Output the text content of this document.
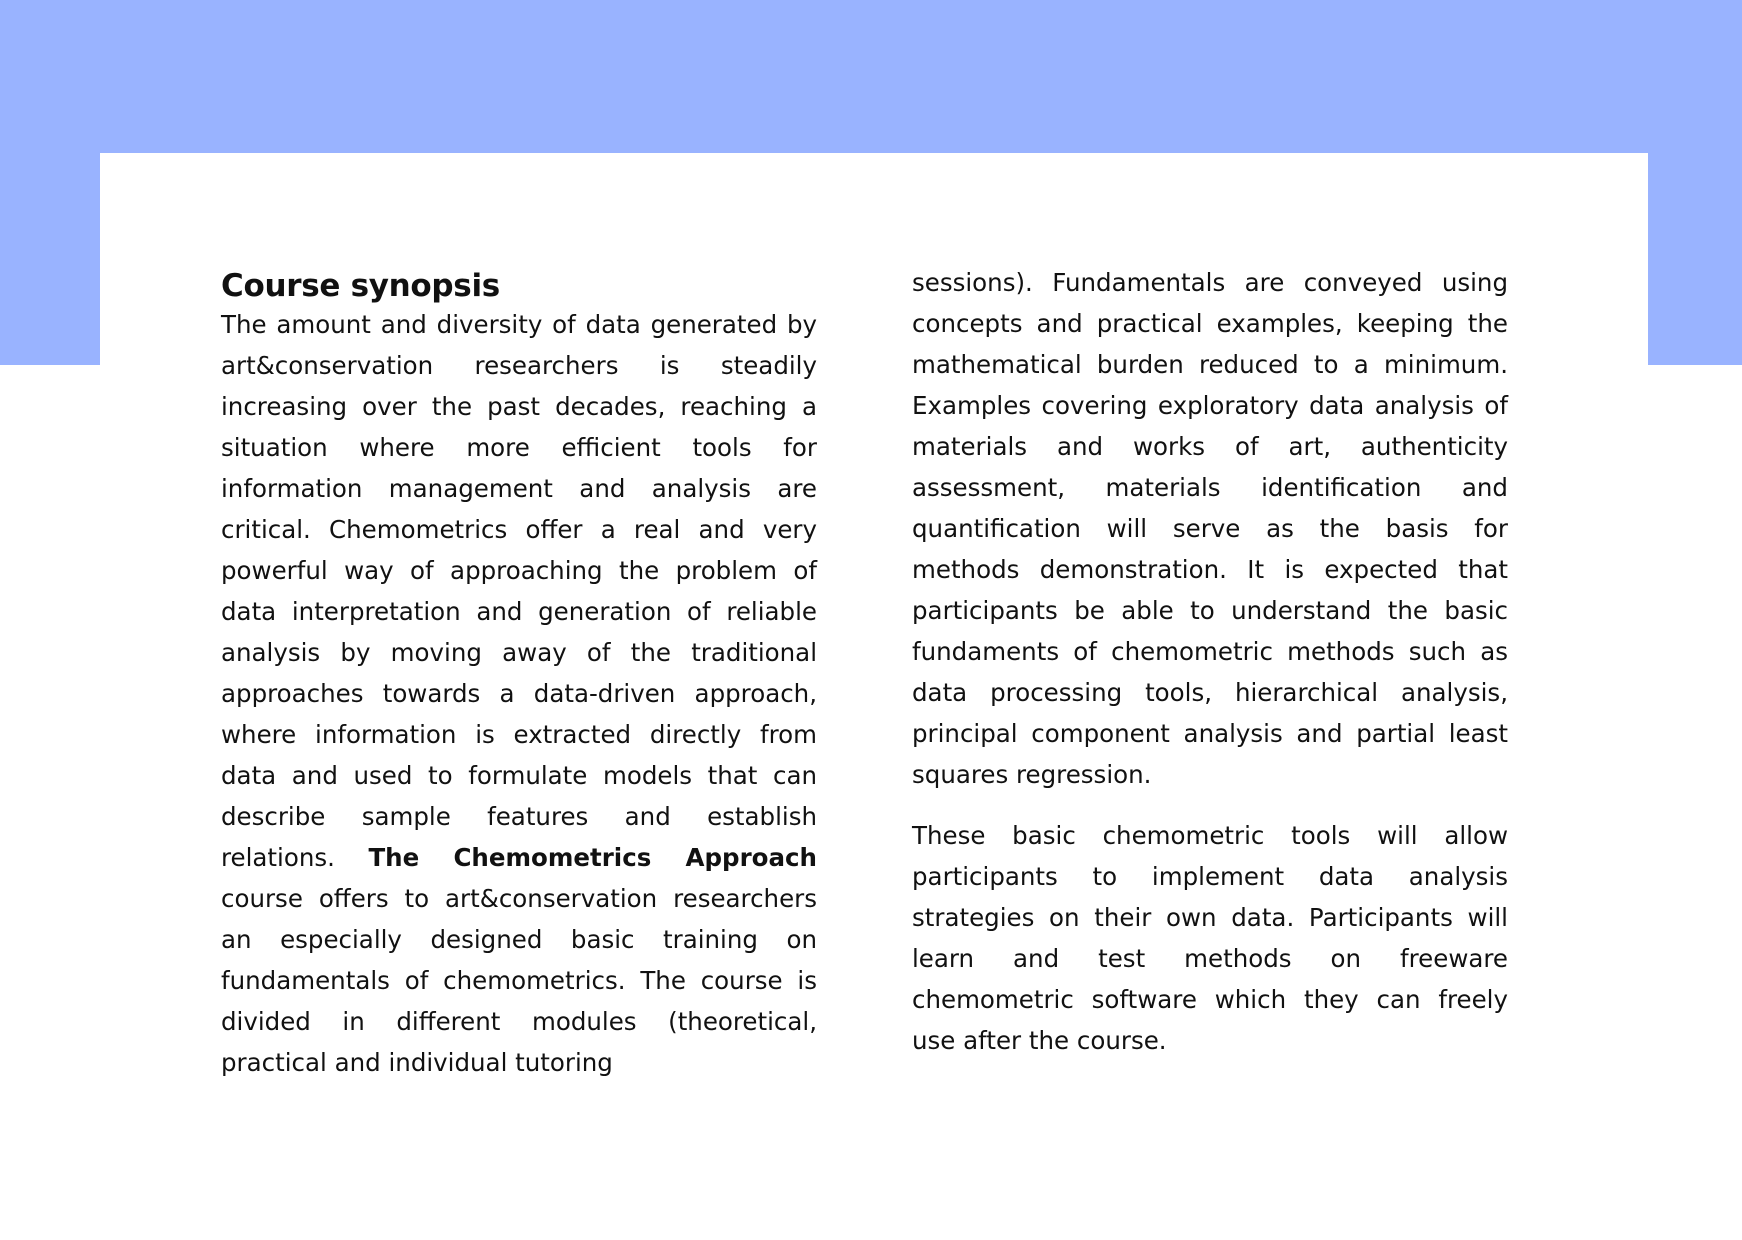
Course synopsis

The amount and diversity of data generated by art&conservation researchers is steadily increasing over the past decades, reaching a situation where more efficient tools for information management and analysis are critical. Chemometrics offer a real and very powerful way of approaching the problem of data interpretation and generation of reliable analysis by moving away of the traditional approaches towards a data-driven approach, where information is extracted directly from data and used to formulate models that can describe sample features and establish relations. The Chemometrics Approach course offers to art&conservation researchers an especially designed basic training on fundamentals of chemometrics. The course is divided in different modules (theoretical, practical and individual tutoring

sessions). Fundamentals are conveyed using concepts and practical examples, keeping the mathematical burden reduced to a minimum. Examples covering exploratory data analysis of materials and works of art, authenticity assessment, materials identification and quantification will serve as the basis for methods demonstration. It is expected that participants be able to understand the basic fundaments of chemometric methods such as data processing tools, hierarchical analysis, principal component analysis and partial least squares regression.

These basic chemometric tools will allow participants to implement data analysis strategies on their own data. Participants will learn and test methods on freeware chemometric software which they can freely use after the course.
